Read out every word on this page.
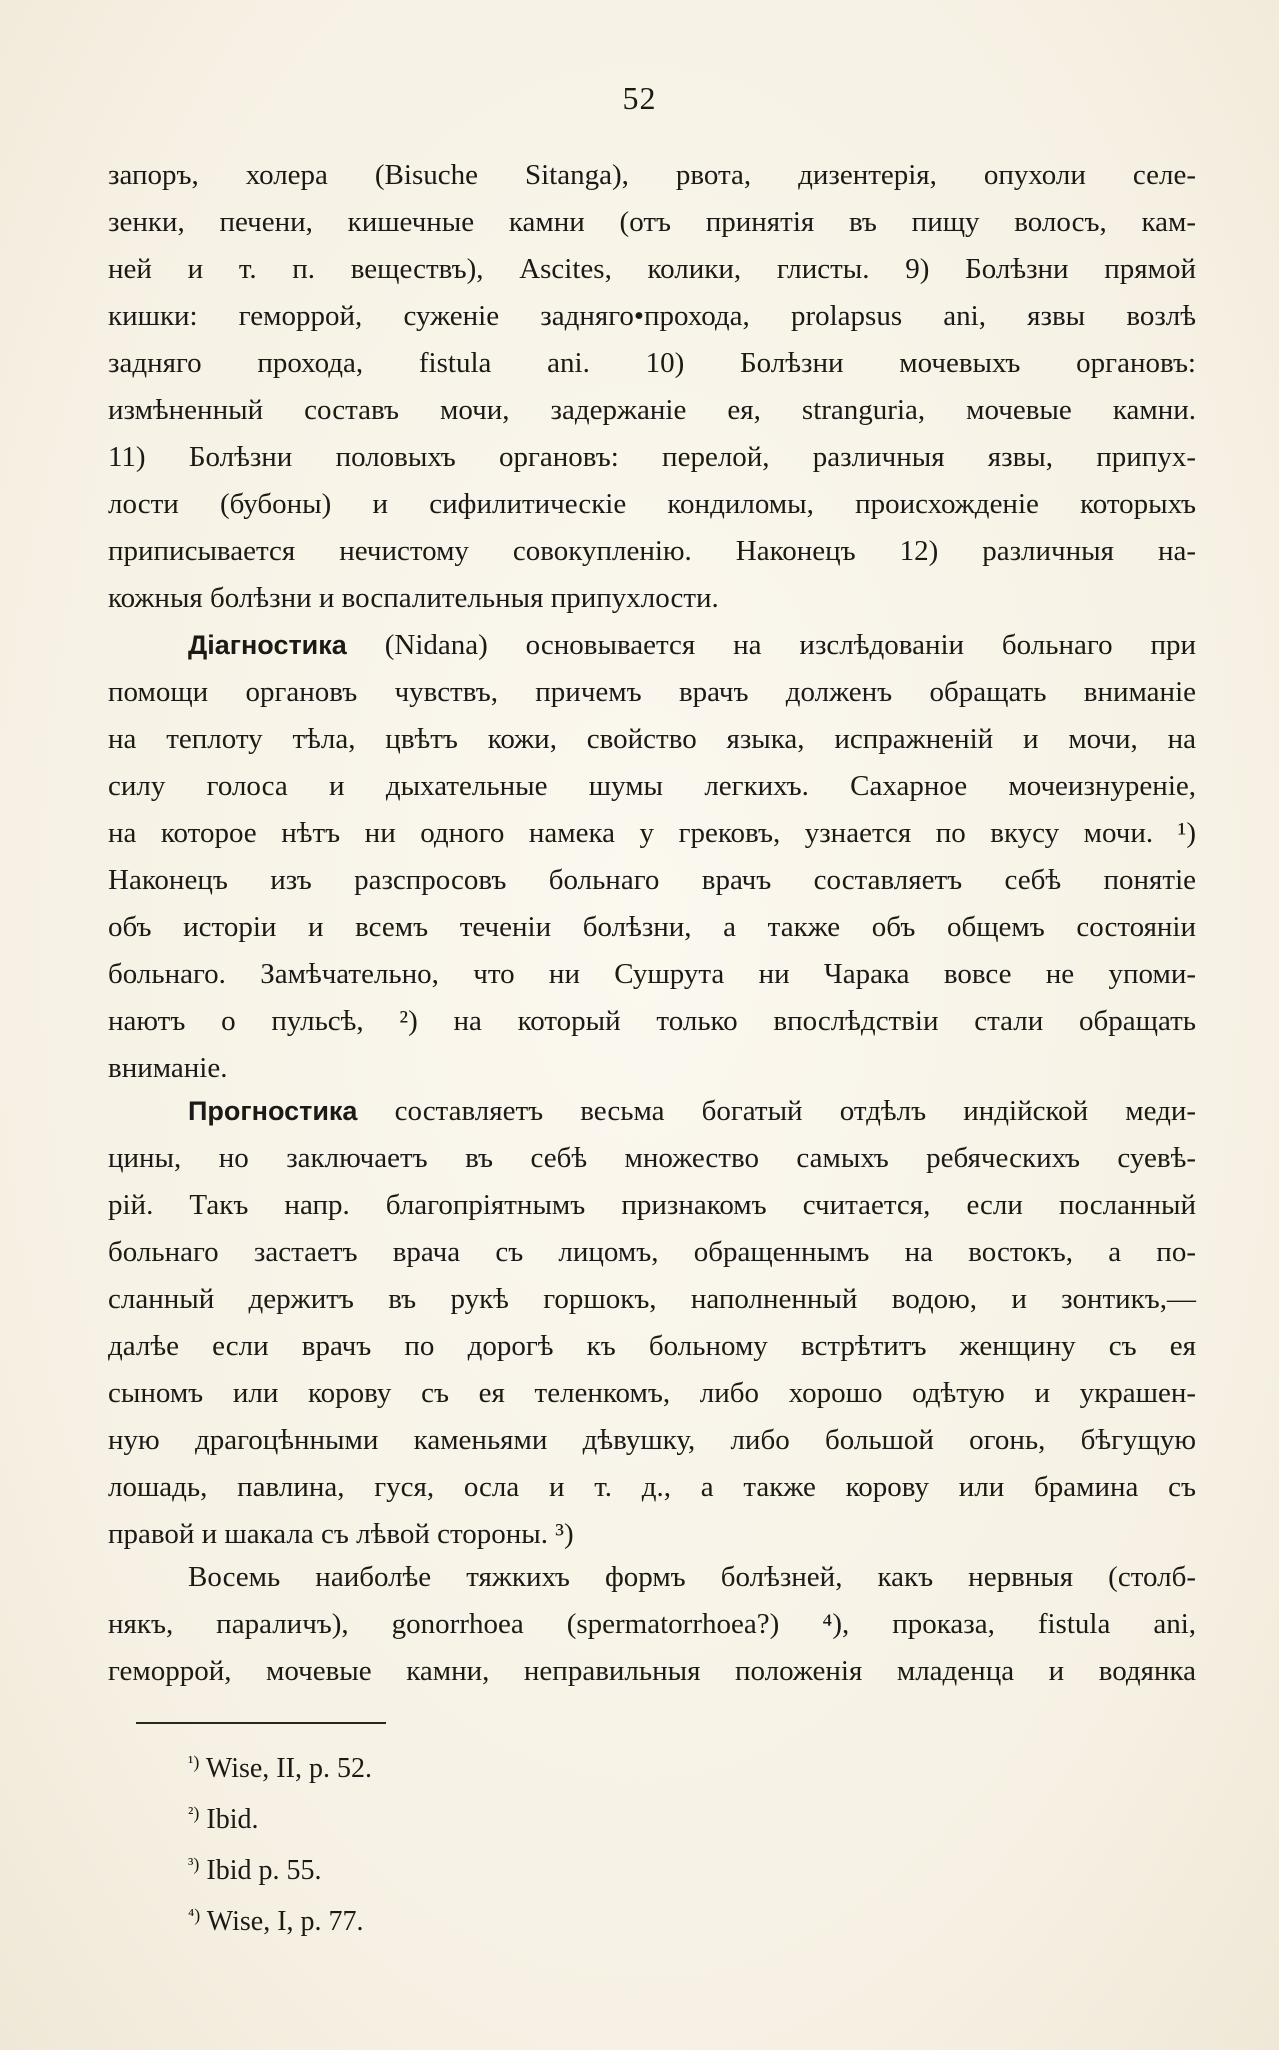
52
запоръ, холера (Bisuche Sitanga), рвота, дизентерія, опухоли селе-
зенки, печени, кишечные камни (отъ принятія въ пищу волосъ, кам-
ней и т. п. веществъ), Ascites, колики, глисты. 9) Болѣзни прямой
кишки: геморрой, суженіе задняго•прохода, prolapsus ani, язвы возлѣ
задняго прохода, fistula ani. 10) Болѣзни мочевыхъ органовъ:
измѣненный составъ мочи, задержаніе ея, strangurіa, мочевые камни.
11) Болѣзни половыхъ органовъ: перелой, различныя язвы, припух-
лости (бубоны) и сифилитическіе кондиломы, происхожденіе которыхъ
приписывается нечистому совокупленію. Наконецъ 12) различныя на-
кожныя болѣзни и воспалительныя припухлости.
Діагностика (Nidana) основывается на изслѣдованіи больнаго при
помощи органовъ чувствъ, причемъ врачъ долженъ обращать вниманіе
на теплоту тѣла, цвѣтъ кожи, свойство языка, испражненій и мочи, на
силу голоса и дыхательные шумы легкихъ. Сахарное мочеизнуреніе,
на которое нѣтъ ни одного намека у грековъ, узнается по вкусу мочи. ¹)
Наконецъ изъ разспросовъ больнаго врачъ составляетъ себѣ понятіе
объ исторіи и всемъ теченіи болѣзни, а также объ общемъ состояніи
больнаго. Замѣчательно, что ни Сушрута ни Чарака вовсе не упоми-
наютъ о пульсѣ, ²) на который только впослѣдствіи стали обращать
вниманіе.
Прогностика составляетъ весьма богатый отдѣлъ индійской меди-
цины, но заключаетъ въ себѣ множество самыхъ ребяческихъ суевѣ-
рій. Такъ напр. благопріятнымъ признакомъ считается, если посланный
больнаго застаетъ врача съ лицомъ, обращеннымъ на востокъ, а по-
сланный держитъ въ рукѣ горшокъ, наполненный водою, и зонтикъ,—
далѣе если врачъ по дорогѣ къ больному встрѣтитъ женщину съ ея
сыномъ или корову съ ея теленкомъ, либо хорошо одѣтую и украшен-
ную драгоцѣнными каменьями дѣвушку, либо большой огонь, бѣгущую
лошадь, павлина, гуся, осла и т. д., а также корову или брамина съ
правой и шакала съ лѣвой стороны. ³)
Восемь наиболѣе тяжкихъ формъ болѣзней, какъ нервныя (столб-
някъ, параличъ), gonorrhoea (spermatorrhoea?) ⁴), проказа, fistula ani,
геморрой, мочевые камни, неправильныя положенія младенца и водянка
$^{^1)}$ Wise, II, p. 52.
$^{^2)}$ Ibid.
$^{^3)}$ Ibid p. 55.
$^{^4)}$ Wise, I, p. 77.
